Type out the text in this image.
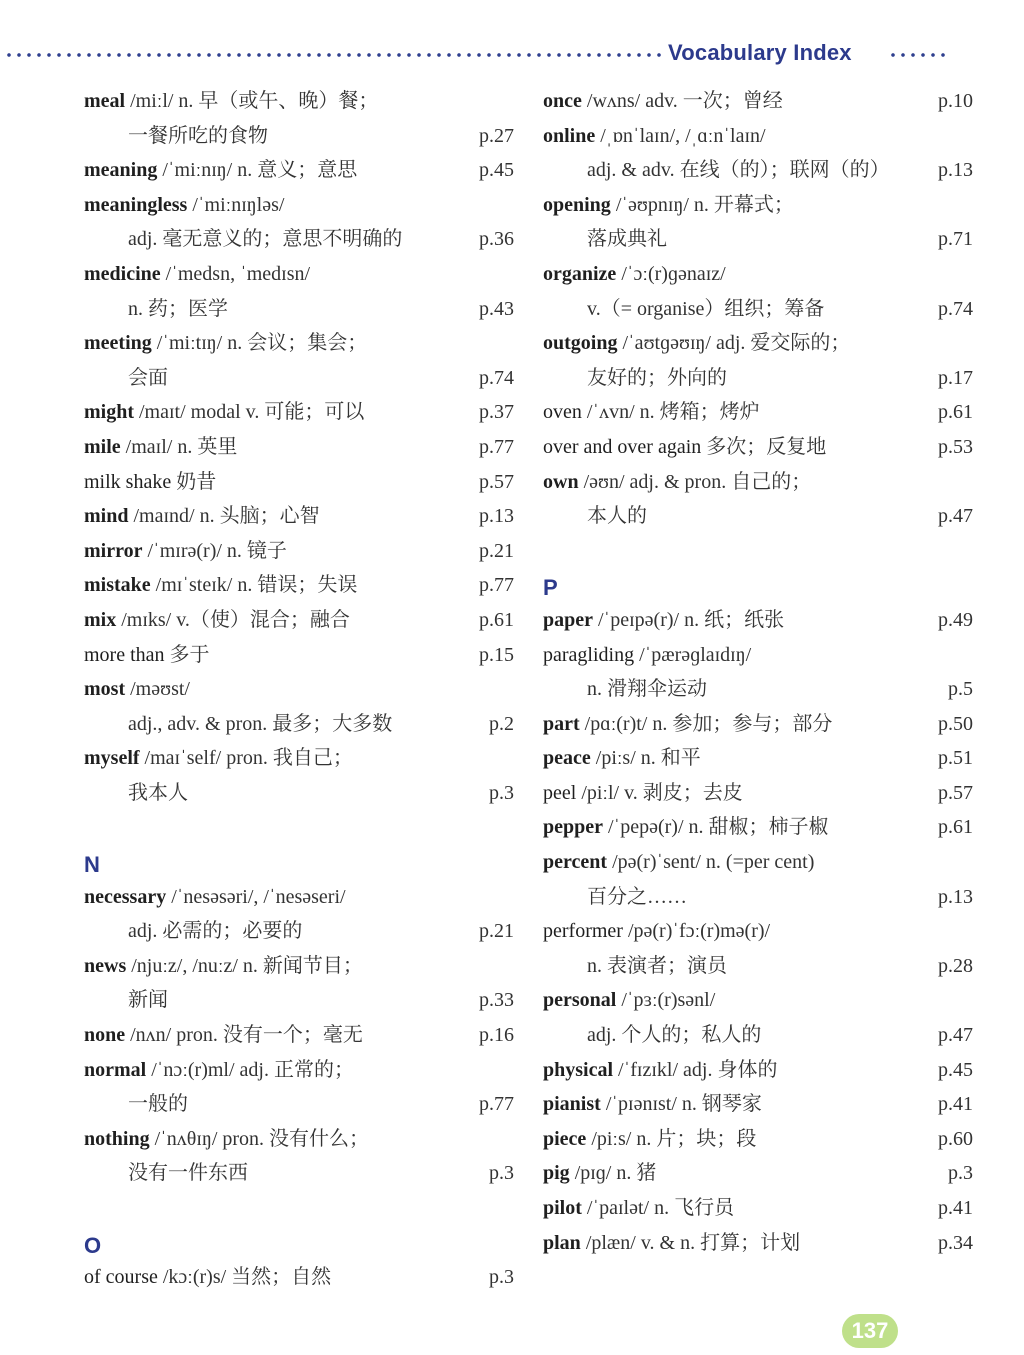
Vocabulary Index
meal /miːl/ n. 早（或午、晚）餐；
一餐所吃的食物	p.27
meaning /ˈmiːnɪŋ/ n. 意义；意思	p.45
meaningless /ˈmiːnɪŋləs/
adj. 毫无意义的；意思不明确的	p.36
medicine /ˈmedsn, ˈmedɪsn/
n. 药；医学	p.43
meeting /ˈmiːtɪŋ/ n. 会议；集会；
会面	p.74
might /maɪt/ modal v. 可能；可以	p.37
mile /maɪl/ n. 英里	p.77
milk shake 奶昔	p.57
mind /maɪnd/ n. 头脑；心智	p.13
mirror /ˈmɪrə(r)/ n. 镜子	p.21
mistake /mɪˈsteɪk/ n. 错误；失误	p.77
mix /mɪks/ v.（使）混合；融合	p.61
more than 多于	p.15
most /məʊst/
adj., adv. & pron. 最多；大多数	p.2
myself /maɪˈself/ pron. 我自己；
我本人	p.3
N
necessary /ˈnesəsəri/, /ˈnesəseri/
adj. 必需的；必要的	p.21
news /njuːz/, /nuːz/ n. 新闻节目；
新闻	p.33
none /nʌn/ pron. 没有一个；毫无	p.16
normal /ˈnɔː(r)ml/ adj. 正常的；
一般的	p.77
nothing /ˈnʌθɪŋ/ pron. 没有什么；
没有一件东西	p.3
O
of course /kɔː(r)s/ 当然；自然	p.3
once /wʌns/ adv. 一次；曾经	p.10
online /ˌɒnˈlaɪn/, /ˌɑːnˈlaɪn/
adj. & adv. 在线（的）；联网（的） p.13
opening /ˈəʊpnɪŋ/ n. 开幕式；
落成典礼	p.71
organize /ˈɔː(r)ɡənaɪz/
v.（= organise）组织；筹备	p.74
outgoing /ˈaʊtɡəʊɪŋ/ adj. 爱交际的；
友好的；外向的	p.17
oven /ˈʌvn/ n. 烤箱；烤炉	p.61
over and over again 多次；反复地	p.53
own /əʊn/ adj. & pron. 自己的；
本人的	p.47
P
paper /ˈpeɪpə(r)/ n. 纸；纸张	p.49
paragliding /ˈpærəɡlaɪdɪŋ/
n. 滑翔伞运动	p.5
part /pɑː(r)t/ n. 参加；参与；部分	p.50
peace /piːs/ n. 和平	p.51
peel /piːl/ v. 剥皮；去皮	p.57
pepper /ˈpepə(r)/ n. 甜椒；柿子椒	p.61
percent /pə(r)ˈsent/ n. (=per cent)
百分之……	p.13
performer /pə(r)ˈfɔː(r)mə(r)/
n. 表演者；演员	p.28
personal /ˈpɜː(r)sənl/
adj. 个人的；私人的	p.47
physical /ˈfɪzɪkl/ adj. 身体的	p.45
pianist /ˈpɪənɪst/ n. 钢琴家	p.41
piece /piːs/ n. 片；块；段	p.60
pig /pɪɡ/ n. 猪	p.3
pilot /ˈpaɪlət/ n. 飞行员	p.41
plan /plæn/ v. & n. 打算；计划	p.34
137
